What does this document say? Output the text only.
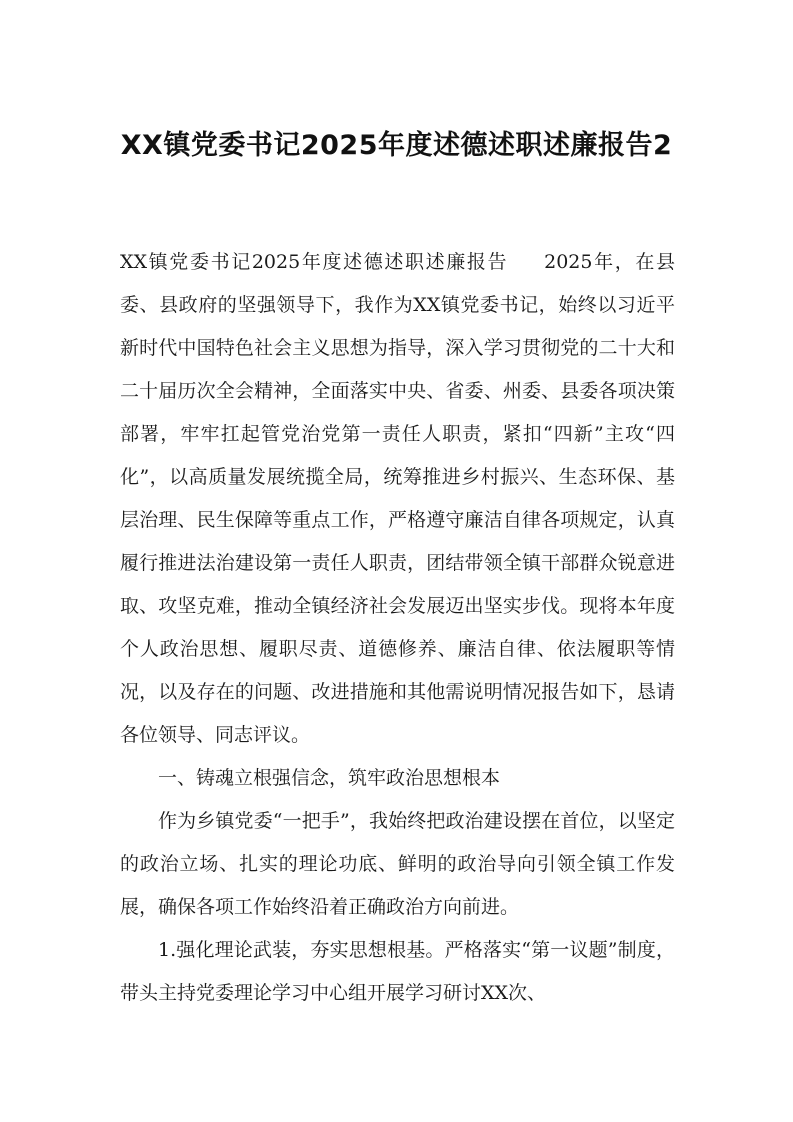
XX镇党委书记2025年度述德述职述廉报告2

XX镇党委书记2025年度述德述职述廉报告 2025年，在县委、县政府的坚强领导下，我作为XX镇党委书记，始终以习近平新时代中国特色社会主义思想为指导，深入学习贯彻党的二十大和二十届历次全会精神，全面落实中央、省委、州委、县委各项决策部署，牢牢扛起管党治党第一责任人职责，紧扣“四新”主攻“四化”，以高质量发展统揽全局，统筹推进乡村振兴、生态环保、基层治理、民生保障等重点工作，严格遵守廉洁自律各项规定，认真履行推进法治建设第一责任人职责，团结带领全镇干部群众锐意进取、攻坚克难，推动全镇经济社会发展迈出坚实步伐。现将本年度个人政治思想、履职尽责、道德修养、廉洁自律、依法履职等情况，以及存在的问题、改进措施和其他需说明情况报告如下，恳请各位领导、同志评议。

一、铸魂立根强信念，筑牢政治思想根本

作为乡镇党委“一把手”，我始终把政治建设摆在首位，以坚定的政治立场、扎实的理论功底、鲜明的政治导向引领全镇工作发展，确保各项工作始终沿着正确政治方向前进。

1.强化理论武装，夯实思想根基。严格落实“第一议题”制度，带头主持党委理论学习中心组开展学习研讨XX次、
